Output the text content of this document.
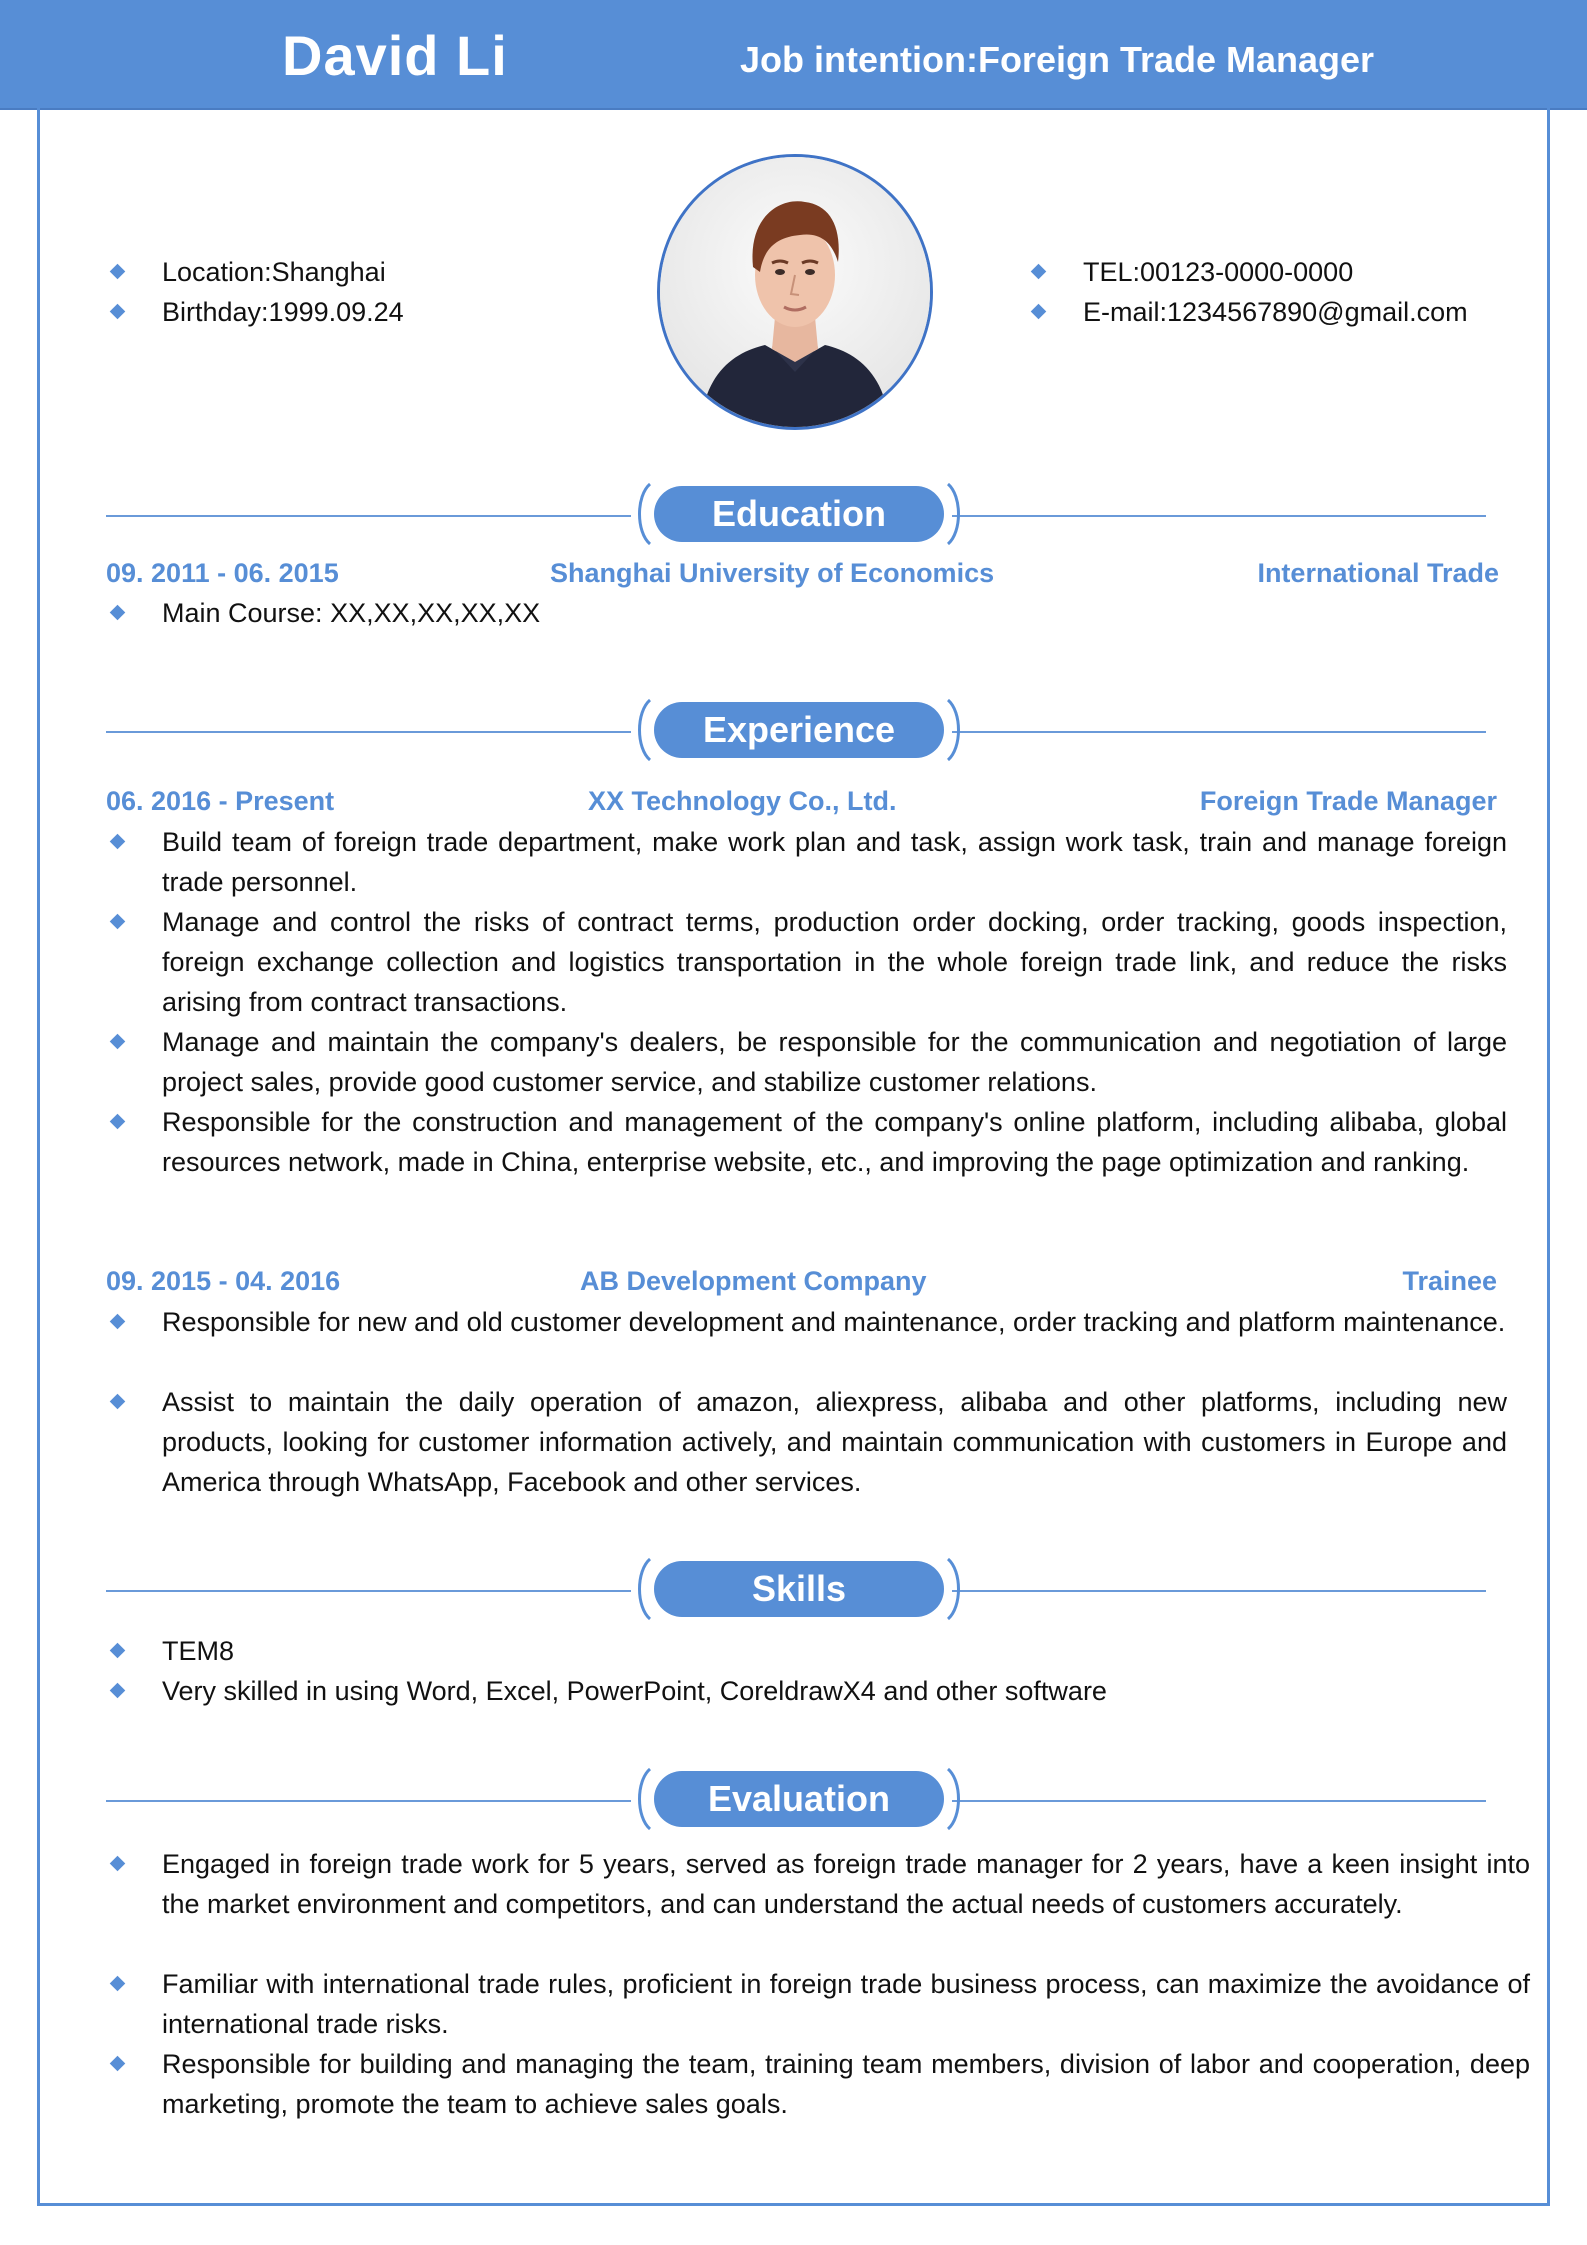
David Li	Job intention:Foreign Trade Manager
Location:Shanghai
Birthday:1999.09.24
TEL:00123-0000-0000
E-mail:1234567890@gmail.com
Education
09. 2011 - 06. 2015	Shanghai University of Economics	International Trade
Main Course: XX,XX,XX,XX,XX
Experience
06. 2016 - Present	XX Technology Co., Ltd.	Foreign Trade Manager
Build team of foreign trade department, make work plan and task, assign work task, train and manage foreign trade personnel.
Manage and control the risks of contract terms, production order docking, order tracking, goods inspection, foreign exchange collection and logistics transportation in the whole foreign trade link, and reduce the risks arising from contract transactions.
Manage and maintain the company's dealers, be responsible for the communication and negotiation of large project sales, provide good customer service, and stabilize customer relations.
Responsible for the construction and management of the company's online platform, including alibaba, global resources network, made in China, enterprise website, etc., and improving the page optimization and ranking.
09. 2015 - 04. 2016	AB Development Company	Trainee
Responsible for new and old customer development and maintenance, order tracking and platform maintenance.
Assist to maintain the daily operation of amazon, aliexpress, alibaba and other platforms, including new products, looking for customer information actively, and maintain communication with customers in Europe and America through WhatsApp, Facebook and other services.
Skills
TEM8
Very skilled in using Word, Excel, PowerPoint, CoreldrawX4 and other software
Evaluation
Engaged in foreign trade work for 5 years, served as foreign trade manager for 2 years, have a keen insight into the market environment and competitors, and can understand the actual needs of customers accurately.
Familiar with international trade rules, proficient in foreign trade business process, can maximize the avoidance of international trade risks.
Responsible for building and managing the team, training team members, division of labor and cooperation, deep marketing, promote the team to achieve sales goals.
